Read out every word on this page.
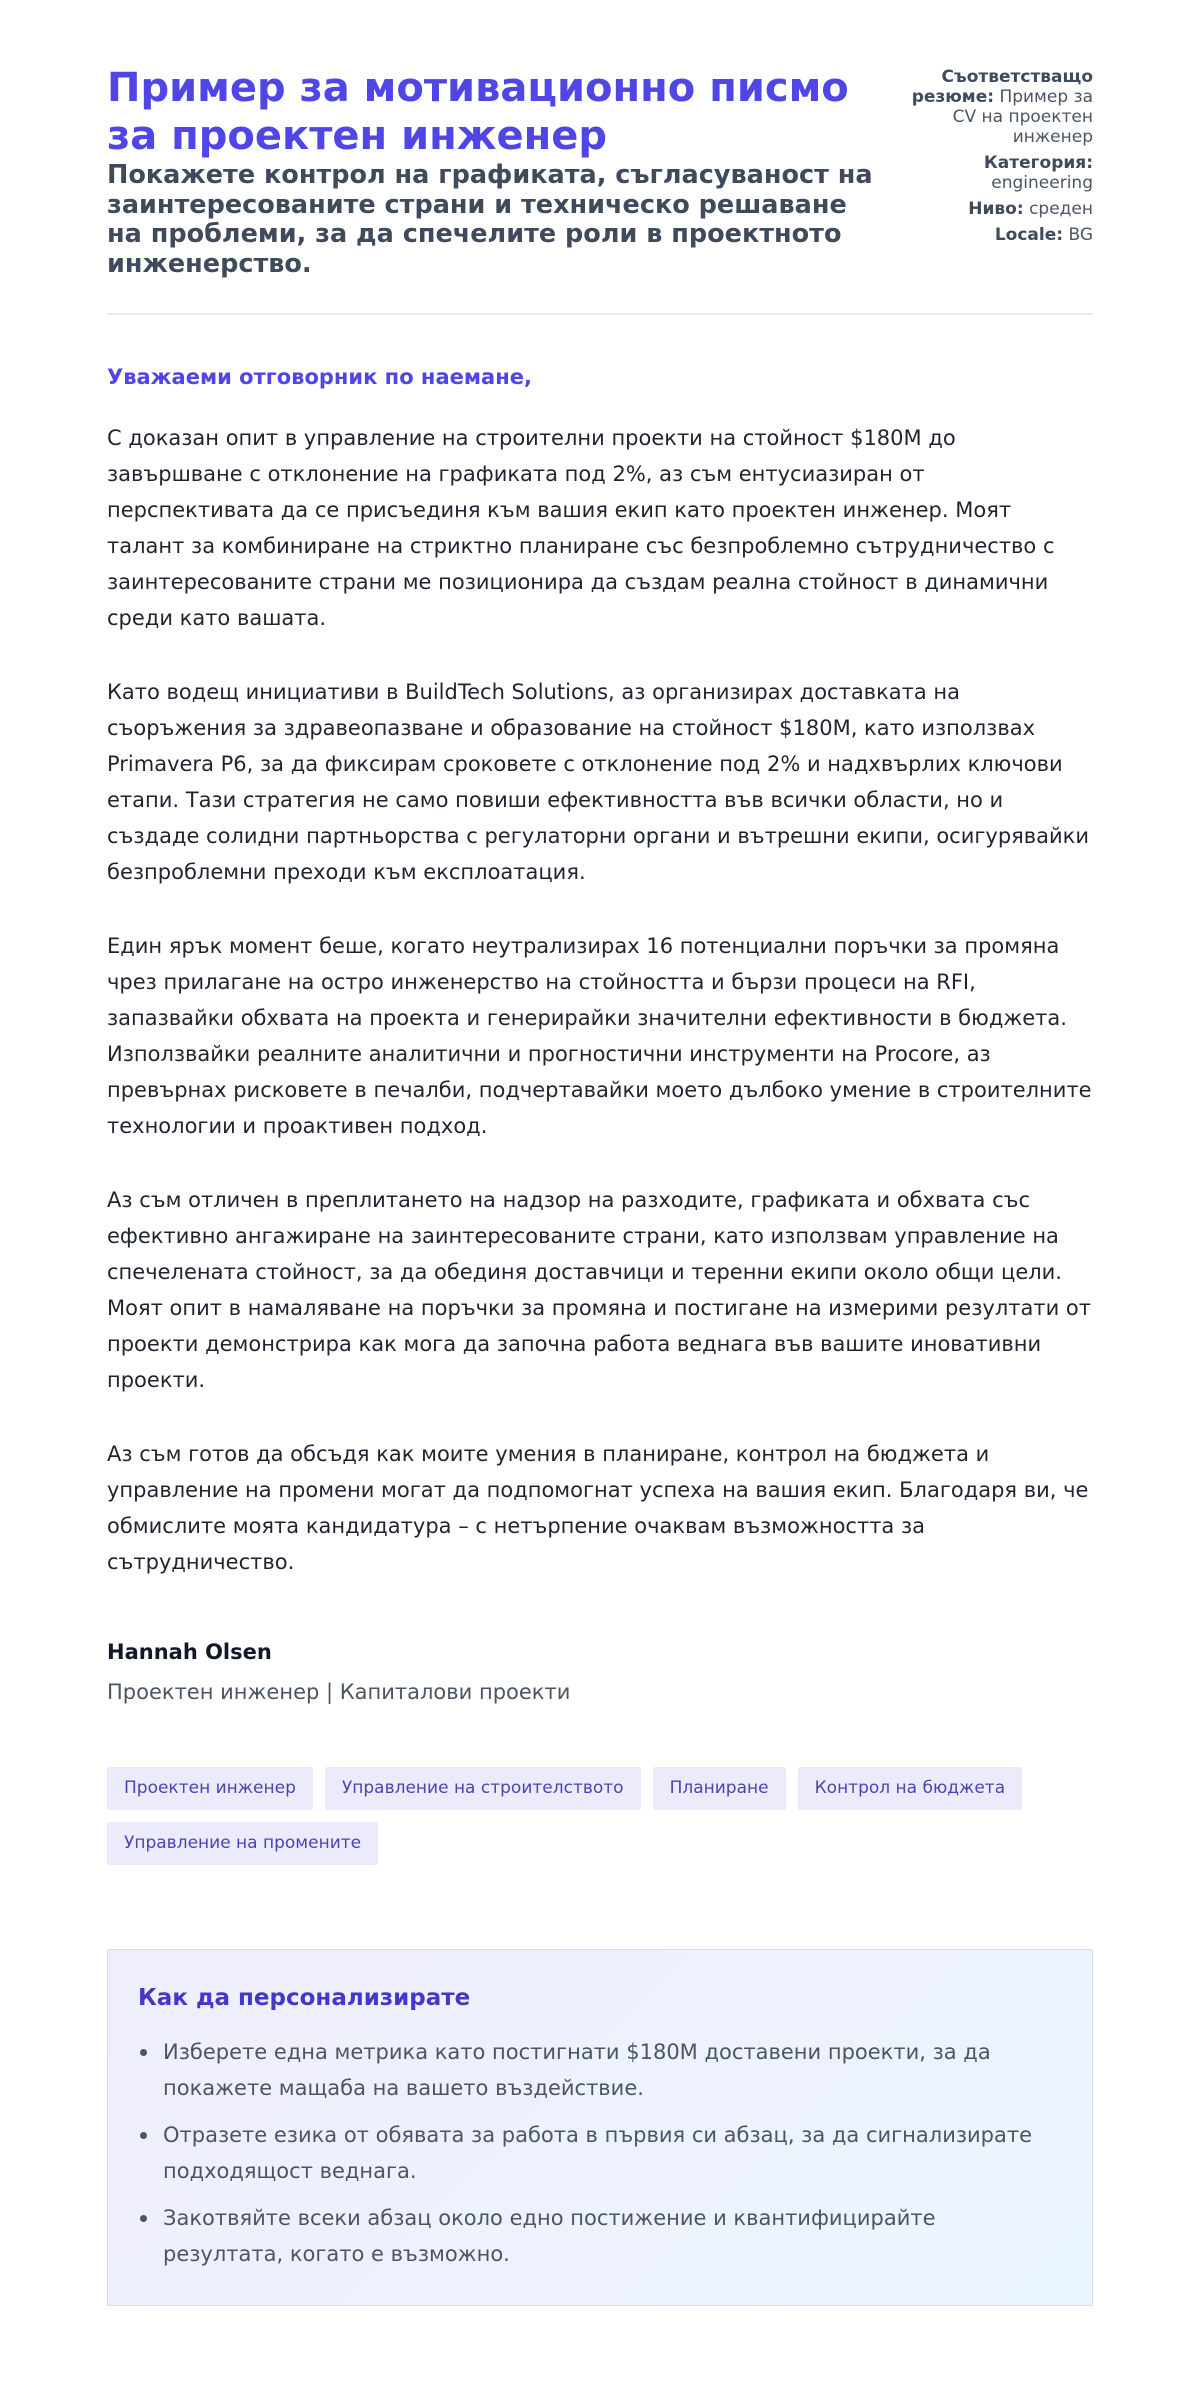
Пример за мотивационно писмо за проектен инженер
Покажете контрол на графиката, съгласуваност на заинтересованите страни и техническо решаване на проблеми, за да спечелите роли в проектното инженерство.
Съответстващо резюме: Пример за CV на проектен инженер
Категория: engineering
Ниво: среден
Locale: BG

Уважаеми отговорник по наемане,

С доказан опит в управление на строителни проекти на стойност $180M до завършване с отклонение на графиката под 2%, аз съм ентусиазиран от перспективата да се присъединя към вашия екип като проектен инженер. Моят талант за комбиниране на стриктно планиране със безпроблемно сътрудничество с заинтересованите страни ме позиционира да създам реална стойност в динамични среди като вашата.

Като водещ инициативи в BuildTech Solutions, аз организирах доставката на съоръжения за здравеопазване и образование на стойност $180M, като използвах Primavera P6, за да фиксирам сроковете с отклонение под 2% и надхвърлих ключови етапи. Тази стратегия не само повиши ефективността във всички области, но и създаде солидни партньорства с регулаторни органи и вътрешни екипи, осигурявайки безпроблемни преходи към експлоатация.

Един ярък момент беше, когато неутрализирах 16 потенциални поръчки за промяна чрез прилагане на остро инженерство на стойността и бързи процеси на RFI, запазвайки обхвата на проекта и генерирайки значителни ефективности в бюджета. Използвайки реалните аналитични и прогностични инструменти на Procore, аз превърнах рисковете в печалби, подчертавайки моето дълбоко умение в строителните технологии и проактивен подход.

Аз съм отличен в преплитането на надзор на разходите, графиката и обхвата със ефективно ангажиране на заинтересованите страни, като използвам управление на спечелената стойност, за да обединя доставчици и теренни екипи около общи цели. Моят опит в намаляване на поръчки за промяна и постигане на измерими резултати от проекти демонстрира как мога да започна работа веднага във вашите иновативни проекти.

Аз съм готов да обсъдя как моите умения в планиране, контрол на бюджета и управление на промени могат да подпомогнат успеха на вашия екип. Благодаря ви, че обмислите моята кандидатура – с нетърпение очаквам възможността за сътрудничество.

Hannah Olsen
Проектен инженер | Капиталови проекти
Проектен инженер	Управление на строителството	Планиране	Контрол на бюджета
Управление на промените
Как да персонализирате
Изберете една метрика като постигнати $180M доставени проекти, за да покажете мащаба на вашето въздействие.
Отразете езика от обявата за работа в първия си абзац, за да сигнализирате подходящост веднага.
Закотвяйте всеки абзац около едно постижение и квантифицирайте резултата, когато е възможно.
